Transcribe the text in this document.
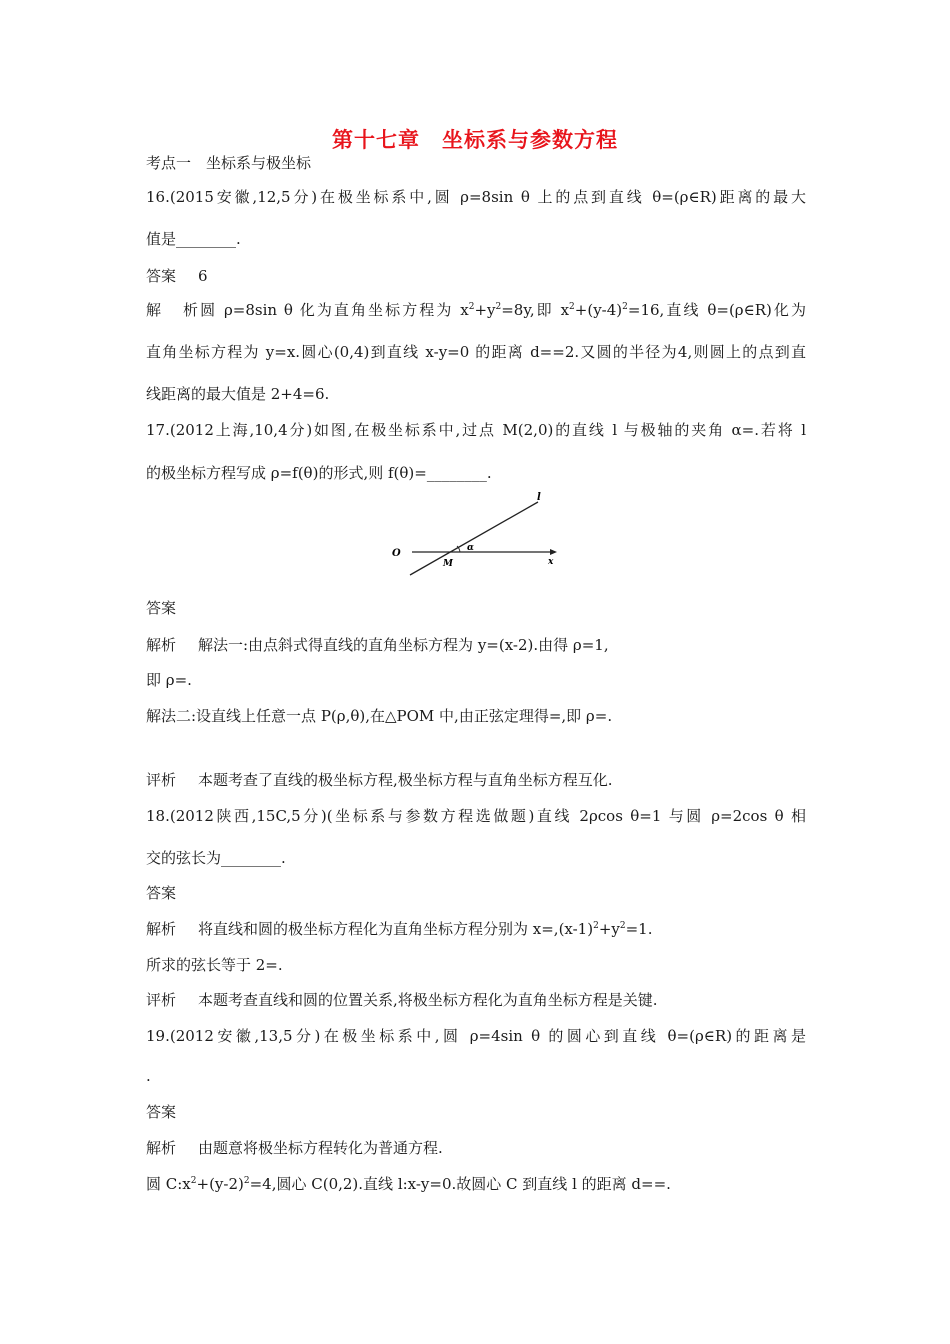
第十七章　坐标系与参数方程
考点一　坐标系与极坐标
16.(2015安徽,12,5分)在极坐标系中,圆 ρ=8sin θ 上的点到直线 θ=(ρ∈R)距离的最大
值是________.
答案 6
解析圆 ρ=8sin θ 化为直角坐标方程为 $x^2+y^2=8y$,即 $x^2+(y-4)^2=16$,直线 θ=(ρ∈R)化为
直角坐标方程为 y=x.圆心(0,4)到直线 x-y=0 的距离 d==2.又圆的半径为4,则圆上的点到直
线距离的最大值是 2+4=6.
17.(2012上海,10,4分)如图,在极坐标系中,过点 M(2,0)的直线 l 与极轴的夹角 α=.若将 l
的极坐标方程写成 ρ=f(θ)的形式,则 f(θ)=________.
O
M	x
l
α
答案
解析 解法一:由点斜式得直线的直角坐标方程为 y=(x-2).由得 ρ=1,
即 ρ=.
解法二:设直线上任意一点 P(ρ,θ),在△POM 中,由正弦定理得=,即 ρ=.
评析 本题考查了直线的极坐标方程,极坐标方程与直角坐标方程互化.
18.(2012陕西,15C,5分)(坐标系与参数方程选做题)直线 2ρcos θ=1 与圆 ρ=2cos θ 相
交的弦长为________.
答案
解析 将直线和圆的极坐标方程化为直角坐标方程分别为 $x=,(x-1)^2+y^2=1$.
所求的弦长等于 2=.
评析 本题考查直线和圆的位置关系,将极坐标方程化为直角坐标方程是关键.
19.(2012安徽,13,5分)在极坐标系中,圆 ρ=4sin θ 的圆心到直线 θ=(ρ∈R)的距离是
.
答案
解析 由题意将极坐标方程转化为普通方程.
圆 $C:x^2+(y-2)^2=4$,圆心 C(0,2).直线 l:x-y=0.故圆心 C 到直线 l 的距离 d==.
